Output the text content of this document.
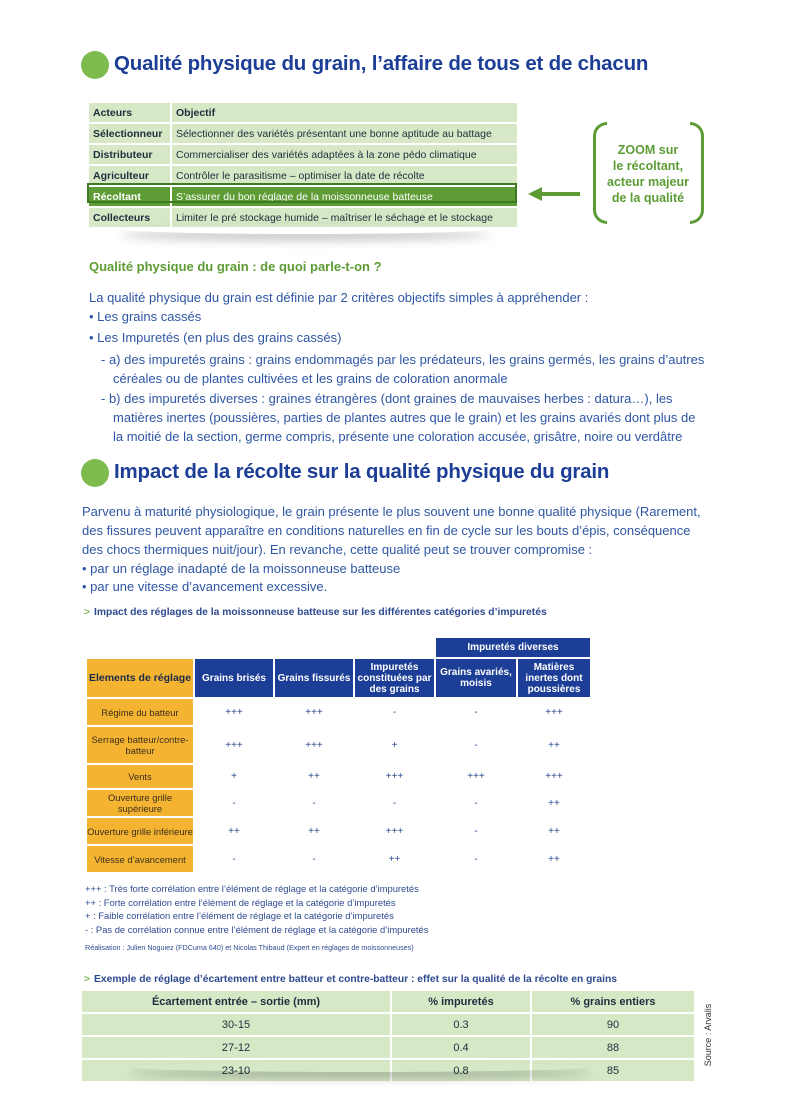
Qualité physique du grain, l’affaire de tous et de chacun
Acteurs	Objectif
Sélectionneur	Sélectionner des variétés présentant une bonne aptitude au battage
Distributeur	Commercialiser des variétés adaptées à la zone pédo climatique
Agriculteur	Contrôler le parasitisme – optimiser la date de récolte
Récoltant	S’assurer du bon réglage de la moissonneuse batteuse
Collecteurs	Limiter le pré stockage humide – maîtriser le séchage et le stockage
ZOOM sur
le récoltant,
acteur majeur
de la qualité
Qualité physique du grain : de quoi parle-t-on ?
La qualité physique du grain est définie par 2 critères objectifs simples à appréhender :
• Les grains cassés
• Les Impuretés (en plus des grains cassés)
- a) des impuretés grains : grains endommagés par les prédateurs, les grains germés, les grains d’autres
céréales ou de plantes cultivées et les grains de coloration anormale
- b) des impuretés diverses : graines étrangères (dont graines de mauvaises herbes : datura…), les
matières inertes (poussières, parties de plantes autres que le grain) et les grains avariés dont plus de
la moitié de la section, germe compris, présente une coloration accusée, grisâtre, noire ou verdâtre
Impact de la récolte sur la qualité physique du grain
Parvenu à maturité physiologique, le grain présente le plus souvent une bonne qualité physique (Rarement,
des fissures peuvent apparaître en conditions naturelles en fin de cycle sur les bouts d’épis, conséquence
des chocs thermiques nuit/jour). En revanche, cette qualité peut se trouver compromise :
• par un réglage inadapté de la moissonneuse batteuse
• par une vitesse d’avancement excessive.
> Impact des réglages de la moissonneuse batteuse sur les différentes catégories d’impuretés
				Impuretés diverses	
Elements de réglage	Grains brisés	Grains fissurés	Impuretés constituées par des grains	Grains avariés, moisis	Matières inertes dont poussières
Régime du batteur	+++	+++	-	-	+++
Serrage batteur/contre-batteur	+++	+++	+	-	++
Vents	+	++	+++	+++	+++
Ouverture grille supérieure	-	-	-	-	++
Ouverture grille inférieure	++	++	+++	-	++
Vitesse d’avancement	-	-	++	-	++
+++ : Très forte corrélation entre l’élément de réglage et la catégorie d’impuretés
++ : Forte corrélation entre l’élément de réglage et la catégorie d’impuretés
+ : Faible corrélation entre l’élément de réglage et la catégorie d’impuretés
- : Pas de corrélation connue entre l’élément de réglage et la catégorie d’impuretés
Réalisation : Julien Noguiez (FDCuma 640) et Nicolas Thibaud (Expert en réglages de moissonneuses)
> Exemple de réglage d’écartement entre batteur et contre-batteur : effet sur la qualité de la récolte en grains
Écartement entrée – sortie (mm)	% impuretés	% grains entiers
30-15	0.3	90
27-12	0.4	88
23-10	0.8	85
Source : Arvalis
